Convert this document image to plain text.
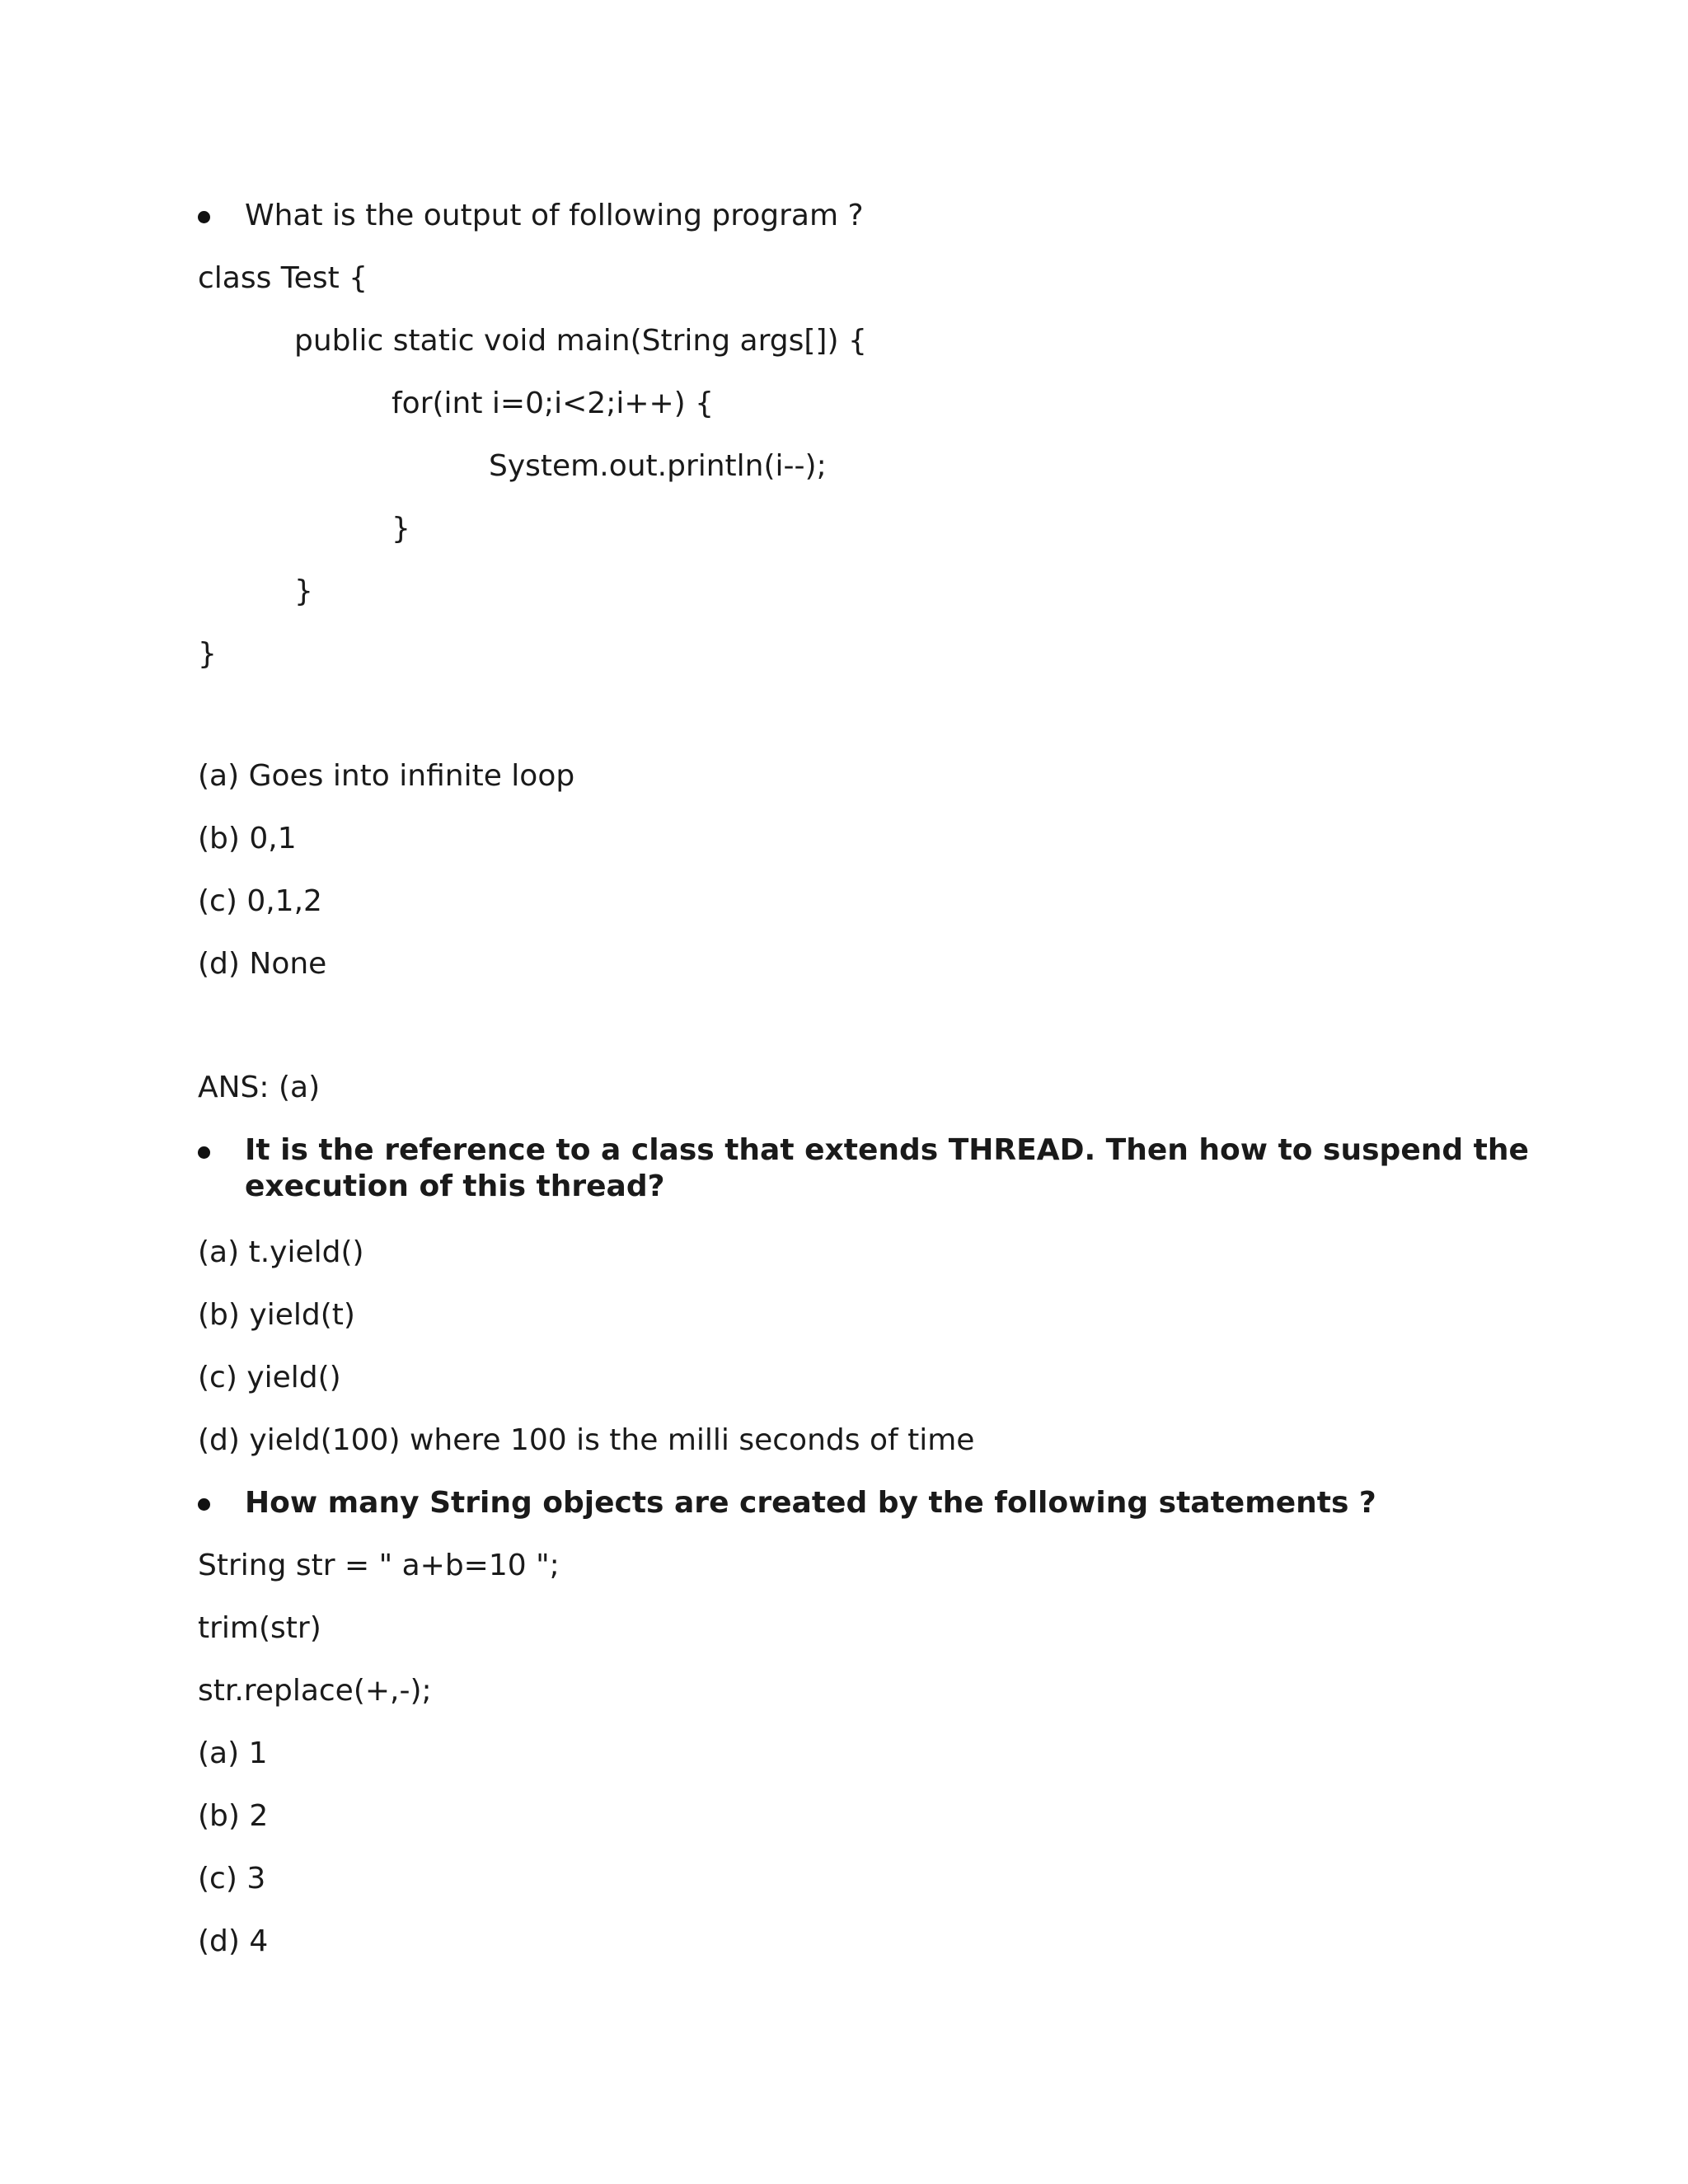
What is the output of following program ?
class Test {
public static void main(String args[]) {
for(int i=0;i<2;i++) {
System.out.println(i--);
}
}
}
(a) Goes into infinite loop
(b) 0,1
(c) 0,1,2
(d) None
ANS: (a)
It is the reference to a class that extends THREAD. Then how to suspend the execution of this thread?
(a) t.yield()
(b) yield(t)
(c) yield()
(d) yield(100) where 100 is the milli seconds of time
How many String objects are created by the following statements ?
String str = " a+b=10 ";
trim(str)
str.replace(+,-);
(a) 1
(b) 2
(c) 3
(d) 4
